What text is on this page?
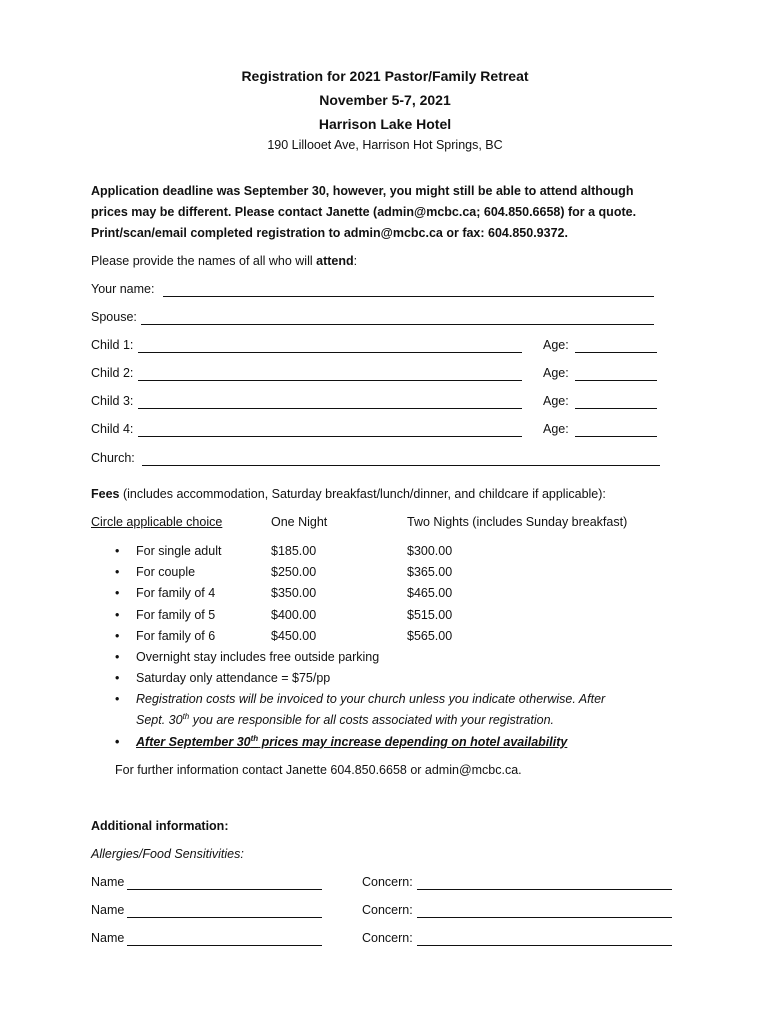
Registration for 2021 Pastor/Family Retreat
November 5-7, 2021
Harrison Lake Hotel
190 Lillooet Ave, Harrison Hot Springs, BC
Application deadline was September 30, however, you might still be able to attend although
prices may be different. Please contact Janette (admin@mcbc.ca; 604.850.6658) for a quote.
Print/scan/email completed registration to admin@mcbc.ca or fax: 604.850.9372.
Please provide the names of all who will attend:
Your name:
Spouse:
Child 1:	Age:
Child 2:	Age:
Child 3:	Age:
Child 4:	Age:
Church:
Fees (includes accommodation, Saturday breakfast/lunch/dinner, and childcare if applicable):
Circle applicable choice	One Night	Two Nights (includes Sunday breakfast)
• For single adult	$185.00	$300.00
• For couple	$250.00	$365.00
• For family of 4	$350.00	$465.00
• For family of 5	$400.00	$515.00
• For family of 6	$450.00	$565.00
• Overnight stay includes free outside parking
• Saturday only attendance = $75/pp
• Registration costs will be invoiced to your church unless you indicate otherwise. After
Sept. 30th you are responsible for all costs associated with your registration.
• After September 30th prices may increase depending on hotel availability
For further information contact Janette 604.850.6658 or admin@mcbc.ca.
Additional information:
Allergies/Food Sensitivities:
Name	Concern:
Name	Concern:
Name	Concern:
